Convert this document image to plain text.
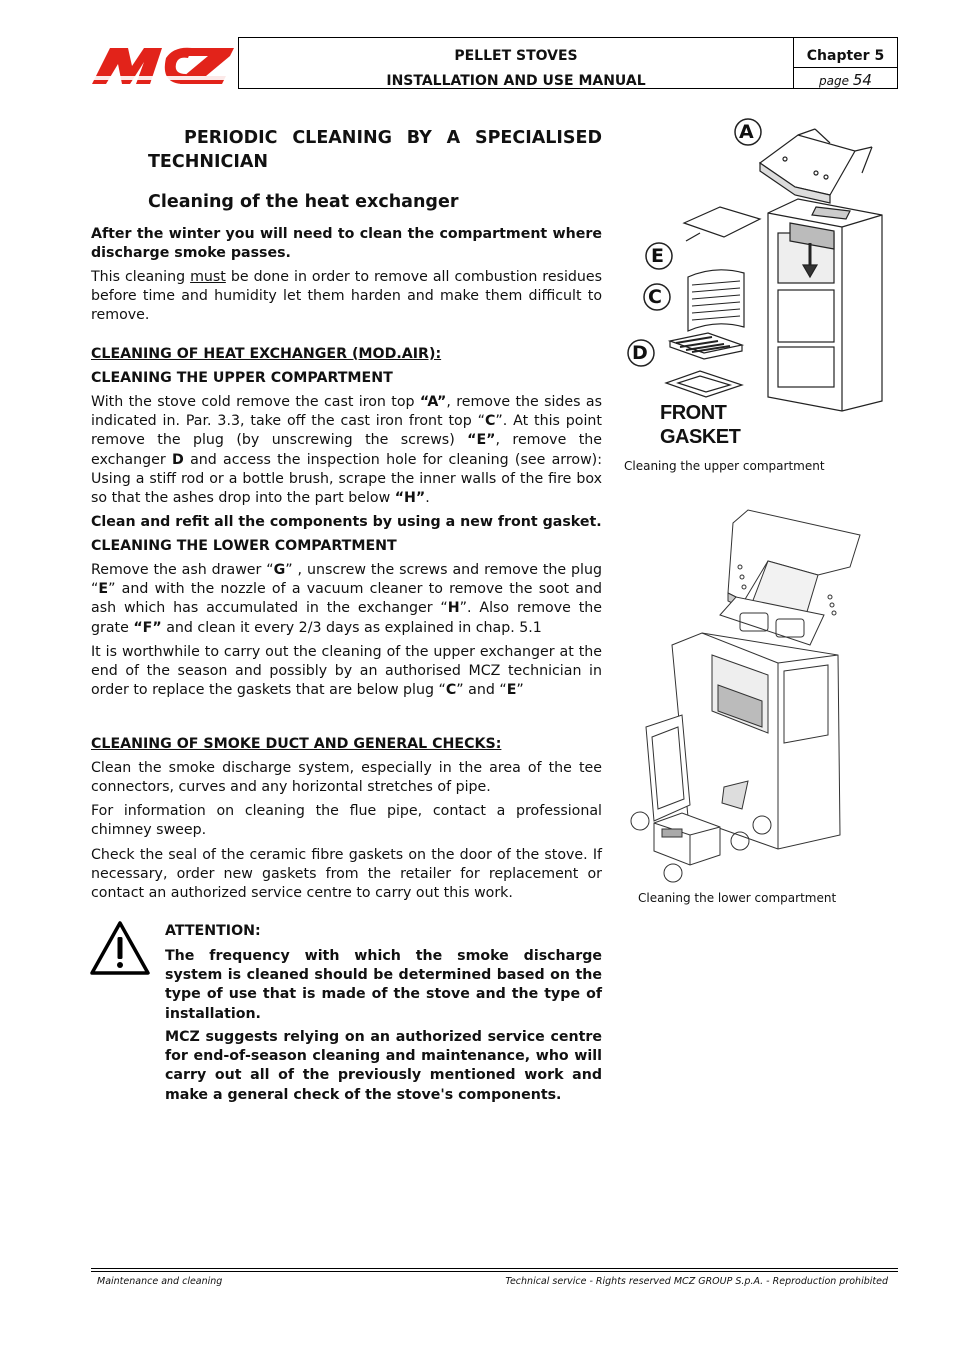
PELLET STOVES
INSTALLATION AND USE MANUAL
Chapter 5
page 54
PERIODIC CLEANING BY A SPECIALISED TECHNICIAN
Cleaning of the heat exchanger
After the winter you will need to clean the compartment where discharge smoke passes.
This cleaning must be done in order to remove all combustion residues before time and humidity let them harden and make them difficult to remove.
CLEANING OF HEAT EXCHANGER (MOD.AIR):
CLEANING THE UPPER COMPARTMENT
With the stove cold remove the cast iron top “A”, remove the sides as indicated in. Par. 3.3, take off the cast iron front top “C”. At this point remove the plug (by unscrewing the screws) “E”, remove the exchanger D and access the inspection hole for cleaning (see arrow): Using a stiff rod or a bottle brush, scrape the inner walls of the fire box so that the ashes drop into the part below “H”.
Clean and refit all the components by using a new front gasket.
CLEANING THE LOWER COMPARTMENT
Remove the ash drawer “G” , unscrew the screws and remove the plug “E” and with the nozzle of a vacuum cleaner to remove the soot and ash which has accumulated in the exchanger “H”. Also remove the grate “F” and clean it every 2/3 days as explained in chap. 5.1
It is worthwhile to carry out the cleaning of the upper exchanger at the end of the season and possibly by an authorised MCZ technician in order to replace the gaskets that are below plug “C” and “E”
CLEANING OF SMOKE DUCT AND GENERAL CHECKS:
Clean the smoke discharge system, especially in the area of the tee connectors, curves and any horizontal stretches of pipe.
For information on cleaning the flue pipe, contact a professional chimney sweep.
Check the seal of the ceramic fibre gaskets on the door of the stove. If necessary, order new gaskets from the retailer for replacement or contact an authorized service centre to carry out this work.
ATTENTION:
The frequency with which the smoke discharge system is cleaned should be determined based on the type of use that is made of the stove and the type of installation.
MCZ suggests relying on an authorized service centre for end-of-season cleaning and maintenance, who will carry out all of the previously mentioned work and make a general check of the stove's components.
A
E
C
D
FRONT
GASKET
Cleaning the upper compartment
Cleaning the lower compartment
Maintenance and cleaning	Technical service - Rights reserved MCZ GROUP S.p.A. - Reproduction prohibited
